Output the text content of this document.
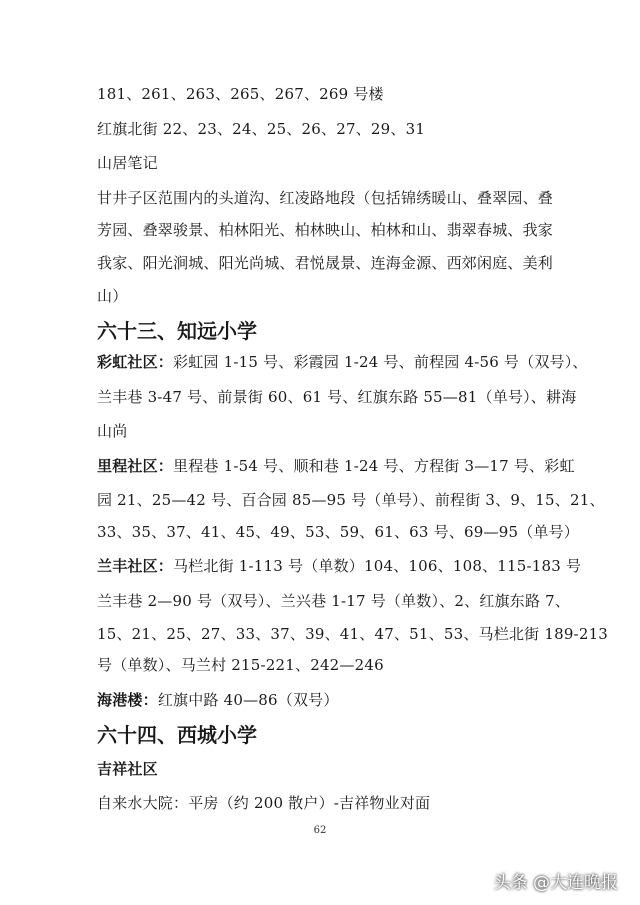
181、261、263、265、267、269 号楼
红旗北街 22、23、24、25、26、27、29、31
山居笔记
甘井子区范围内的头道沟、红凌路地段（包括锦绣暖山、叠翠园、叠
芳园、叠翠骏景、柏林阳光、柏林映山、柏林和山、翡翠春城、我家
我家、阳光涧城、阳光尚城、君悦晟景、连海金源、西郊闲庭、美利
山）
六十三、知远小学
彩虹社区：彩虹园 1-15 号、彩霞园 1-24 号、前程园 4-56 号（双号）、
兰丰巷 3-47 号、前景街 60、61 号、红旗东路 55—81（单号）、耕海
山尚
里程社区：里程巷 1-54 号、顺和巷 1-24 号、方程街 3—17 号、彩虹
园 21、25—42 号、百合园 85—95 号（单号）、前程街 3、9、15、21、
33、35、37、41、45、49、53、59、61、63 号、69—95（单号）
兰丰社区：马栏北街 1-113 号（单数）104、106、108、115-183 号
兰丰巷 2—90 号（双号）、兰兴巷 1-17 号（单数）、2、红旗东路 7、
15、21、25、27、33、37、39、41、47、51、53、马栏北街 189-213
号（单数）、马兰村 215-221、242—246
海港楼：红旗中路 40—86（双号）
六十四、西城小学
吉祥社区
自来水大院：平房（约 200 散户）-吉祥物业对面
62
头条 @大连晚报
